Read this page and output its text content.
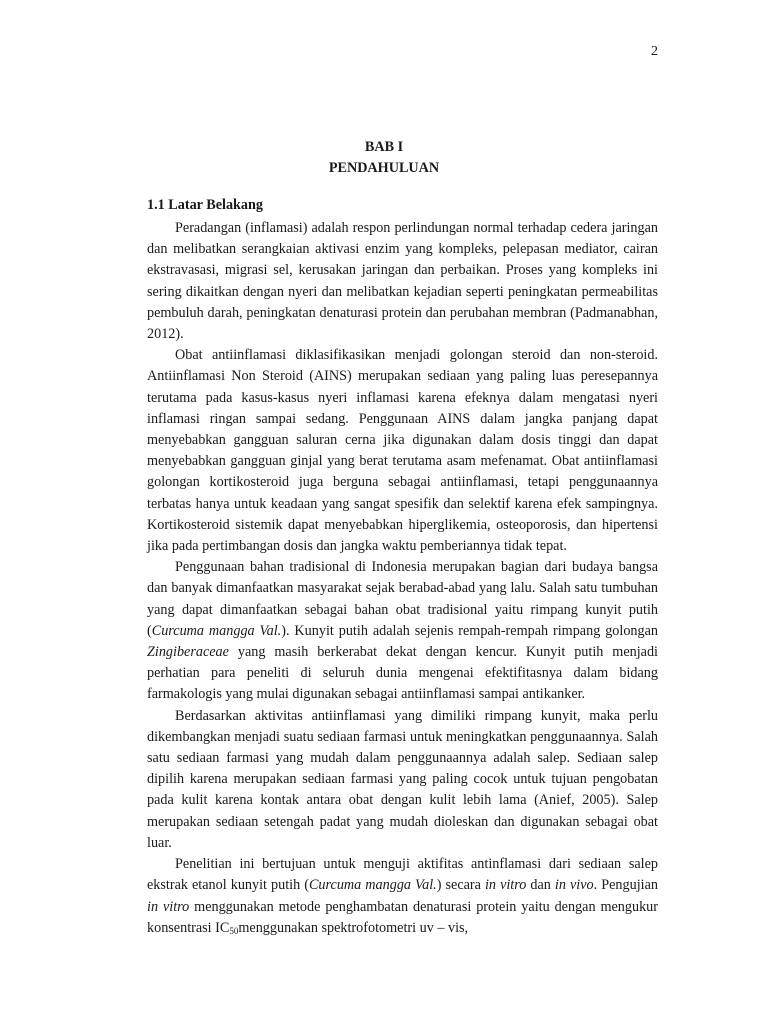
2
BAB I
PENDAHULUAN
1.1 Latar Belakang

Peradangan (inflamasi) adalah respon perlindungan normal terhadap cedera jaringan dan melibatkan serangkaian aktivasi enzim yang kompleks, pelepasan mediator, cairan ekstravasasi, migrasi sel, kerusakan jaringan dan perbaikan. Proses yang kompleks ini sering dikaitkan dengan nyeri dan melibatkan kejadian seperti peningkatan permeabilitas pembuluh darah, peningkatan denaturasi protein dan perubahan membran (Padmanabhan, 2012).

Obat antiinflamasi diklasifikasikan menjadi golongan steroid dan non-steroid. Antiinflamasi Non Steroid (AINS) merupakan sediaan yang paling luas peresepannya terutama pada kasus-kasus nyeri inflamasi karena efeknya dalam mengatasi nyeri inflamasi ringan sampai sedang. Penggunaan AINS dalam jangka panjang dapat menyebabkan gangguan saluran cerna jika digunakan dalam dosis tinggi dan dapat menyebabkan gangguan ginjal yang berat terutama asam mefenamat. Obat antiinflamasi golongan kortikosteroid juga berguna sebagai antiinflamasi, tetapi penggunaannya terbatas hanya untuk keadaan yang sangat spesifik dan selektif karena efek sampingnya. Kortikosteroid sistemik dapat menyebabkan hiperglikemia, osteoporosis, dan hipertensi jika pada pertimbangan dosis dan jangka waktu pemberiannya tidak tepat.

Penggunaan bahan tradisional di Indonesia merupakan bagian dari budaya bangsa dan banyak dimanfaatkan masyarakat sejak berabad-abad yang lalu. Salah satu tumbuhan yang dapat dimanfaatkan sebagai bahan obat tradisional yaitu rimpang kunyit putih (Curcuma mangga Val.). Kunyit putih adalah sejenis rempah-rempah rimpang golongan Zingiberaceae yang masih berkerabat dekat dengan kencur. Kunyit putih menjadi perhatian para peneliti di seluruh dunia mengenai efektifitasnya dalam bidang farmakologis yang mulai digunakan sebagai antiinflamasi sampai antikanker.

Berdasarkan aktivitas antiinflamasi yang dimiliki rimpang kunyit, maka perlu dikembangkan menjadi suatu sediaan farmasi untuk meningkatkan penggunaannya. Salah satu sediaan farmasi yang mudah dalam penggunaannya adalah salep. Sediaan salep dipilih karena merupakan sediaan farmasi yang paling cocok untuk tujuan pengobatan pada kulit karena kontak antara obat dengan kulit lebih lama (Anief, 2005). Salep merupakan sediaan setengah padat yang mudah dioleskan dan digunakan sebagai obat luar.

Penelitian ini bertujuan untuk menguji aktifitas antinflamasi dari sediaan salep ekstrak etanol kunyit putih (Curcuma mangga Val.) secara in vitro dan in vivo. Pengujian in vitro menggunakan metode penghambatan denaturasi protein yaitu dengan mengukur konsentrasi $IC_{50}menggunakan$ spektrofotometri uv – vis,
